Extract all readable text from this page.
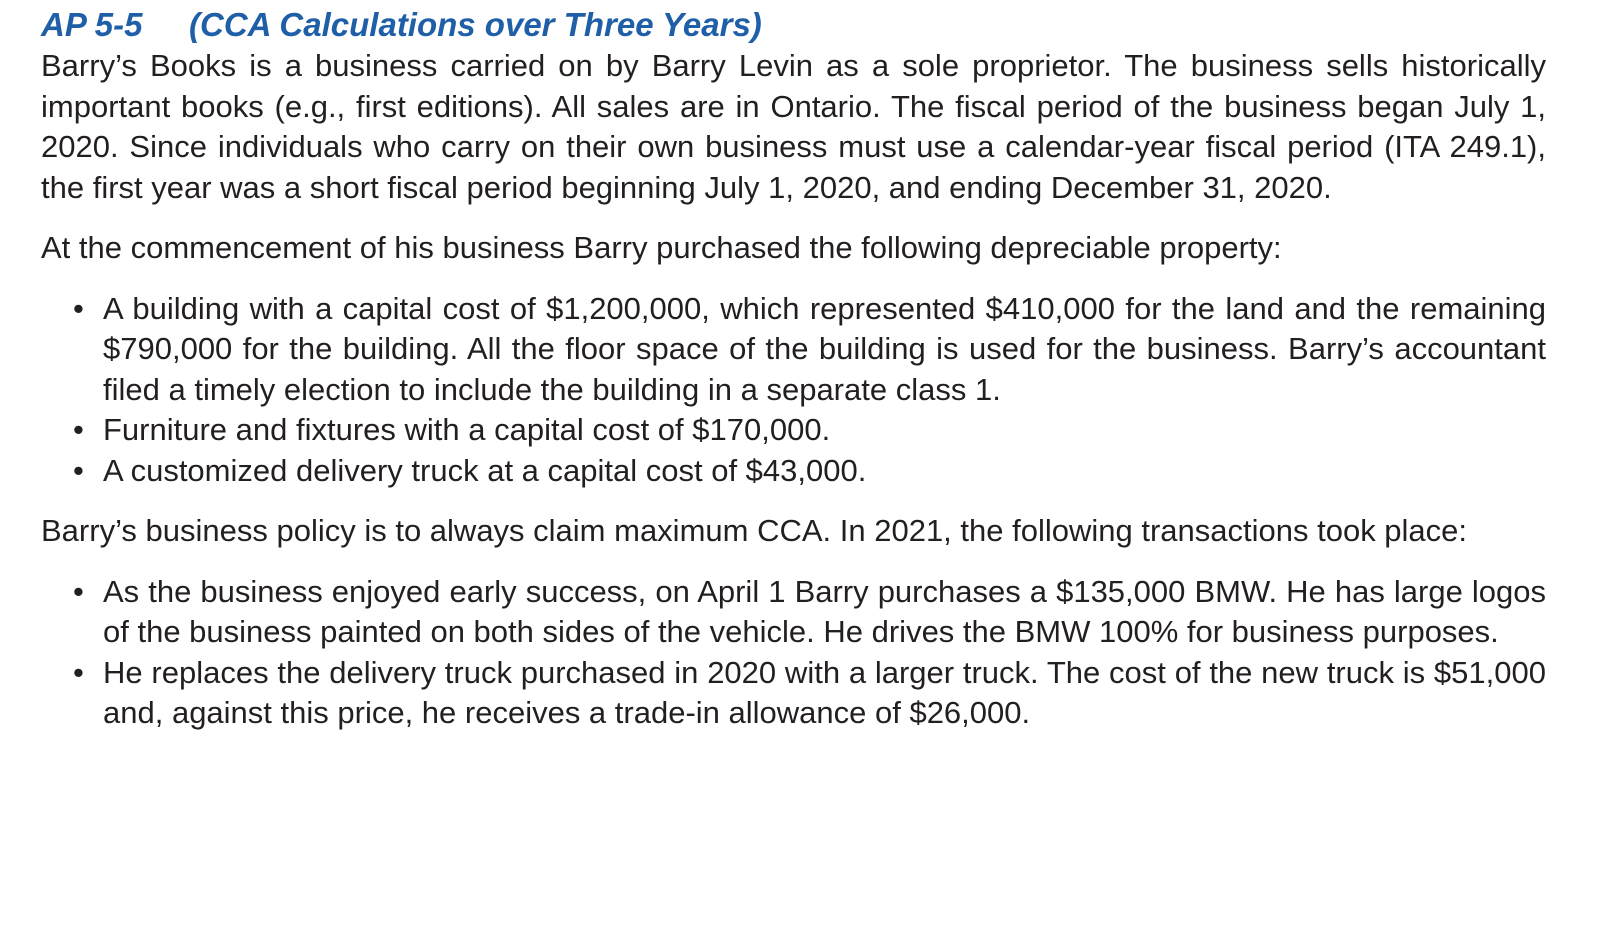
AP 5-5 (CCA Calculations over Three Years)

Barry’s Books is a business carried on by Barry Levin as a sole proprietor. The business sells historically important books (e.g., first editions). All sales are in Ontario. The fiscal period of the business began July 1, 2020. Since individuals who carry on their own business must use a calendar-year fiscal period (ITA 249.1), the first year was a short fiscal period beginning July 1, 2020, and ending December 31, 2020.

At the commencement of his business Barry purchased the following depreciable property:

• A building with a capital cost of $1,200,000, which represented $410,000 for the land and the remaining $790,000 for the building. All the floor space of the building is used for the business. Barry’s accountant filed a timely election to include the building in a separate class 1.
• Furniture and fixtures with a capital cost of $170,000.
• A customized delivery truck at a capital cost of $43,000.

Barry’s business policy is to always claim maximum CCA. In 2021, the following transactions took place:

• As the business enjoyed early success, on April 1 Barry purchases a $135,000 BMW. He has large logos of the business painted on both sides of the vehicle. He drives the BMW 100% for business purposes.
• He replaces the delivery truck purchased in 2020 with a larger truck. The cost of the new truck is $51,000 and, against this price, he receives a trade-in allowance of $26,000.
